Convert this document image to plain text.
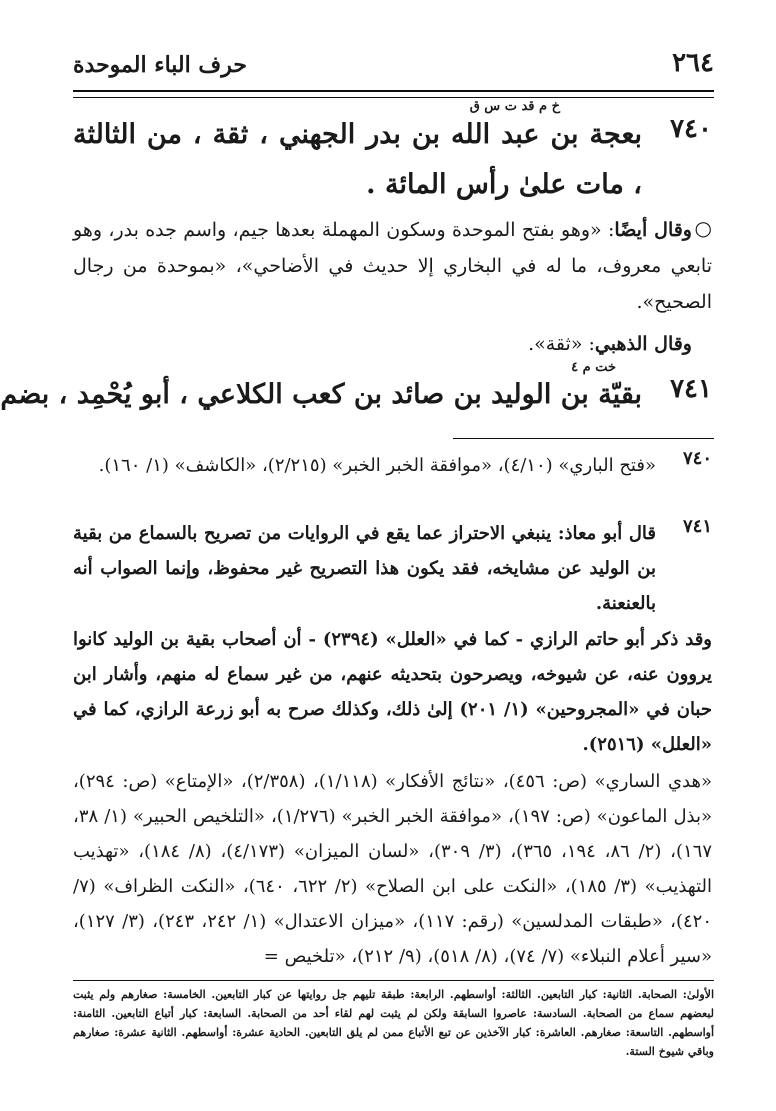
٢٦٤
حرف الباء الموحدة
خ م قد ت س ق
٧٤٠
بعجة بن عبد الله بن بدر الجهني ، ثقة ، من الثالثة ، مات علىٰ رأس المائة .
○
وقال أيضًا: «وهو بفتح الموحدة وسكون المهملة بعدها جيم، واسم جده بدر، وهو تابعي معروف، ما له في البخاري إلا حديث في الأضاحي»، «بموحدة من رجال الصحيح».
وقال الذهبي: «ثقة».
خت م ٤
٧٤١
بقيّة بن الوليد بن صائد بن كعب الكلاعي ، أبو يُحْمِد ، بضم
٧٤٠
«فتح الباري» (٤/١٠)، «موافقة الخبر الخبر» (٢/٢١٥)، «الكاشف» (١/ ١٦٠).
٧٤١
قال أبو معاذ: ينبغي الاحتراز عما يقع في الروايات من تصريح بالسماع من بقية بن الوليد عن مشايخه، فقد يكون هذا التصريح غير محفوظ، وإنما الصواب أنه بالعنعنة.
وقد ذكر أبو حاتم الرازي - كما في «العلل» (٢٣٩٤) - أن أصحاب بقية بن الوليد كانوا يروون عنه، عن شيوخه، ويصرحون بتحديثه عنهم، من غير سماع له منهم، وأشار ابن حبان في «المجروحين» (١/ ٢٠١) إلىٰ ذلك، وكذلك صرح به أبو زرعة الرازي، كما في «العلل» (٢٥١٦).
«هدي الساري» (ص: ٤٥٦)، «نتائج الأفكار» (١/١١٨)، (٢/٣٥٨)، «الإمتاع» (ص: ٢٩٤)، «بذل الماعون» (ص: ١٩٧)، «موافقة الخبر الخبر» (١/٢٧٦)، «التلخيص الحبير» (١/ ٣٨، ١٦٧)، (٢/ ٨٦، ١٩٤، ٣٦٥)، (٣/ ٣٠٩)، «لسان الميزان» (٤/١٧٣)، (٨/ ١٨٤)، «تهذيب التهذيب» (٣/ ١٨٥)، «النكت على ابن الصلاح» (٢/ ٦٢٢، ٦٤٠)، «النكت الظراف» (٧/ ٤٢٠)، «طبقات المدلسين» (رقم: ١١٧)، «ميزان الاعتدال» (١/ ٢٤٢، ٢٤٣)، (٣/ ١٢٧)، «سير أعلام النبلاء» (٧/ ٧٤)، (٨/ ٥١٨)، (٩/ ٢١٢)، «تلخيص =
الأولىٰ: الصحابة. الثانية: كبار التابعين. الثالثة: أواسطهم. الرابعة: طبقة تليهم جل روايتها عن كبار التابعين. الخامسة: صغارهم ولم يثبت لبعضهم سماع من الصحابة. السادسة: عاصروا السابقة ولكن لم يثبت لهم لقاء أحد من الصحابة. السابعة: كبار أتباع التابعين. الثامنة: أواسطهم. التاسعة: صغارهم. العاشرة: كبار الآخذين عن تبع الأتباع ممن لم يلق التابعين. الحادية عشرة: أواسطهم. الثانية عشرة: صغارهم وباقي شيوخ الستة.
